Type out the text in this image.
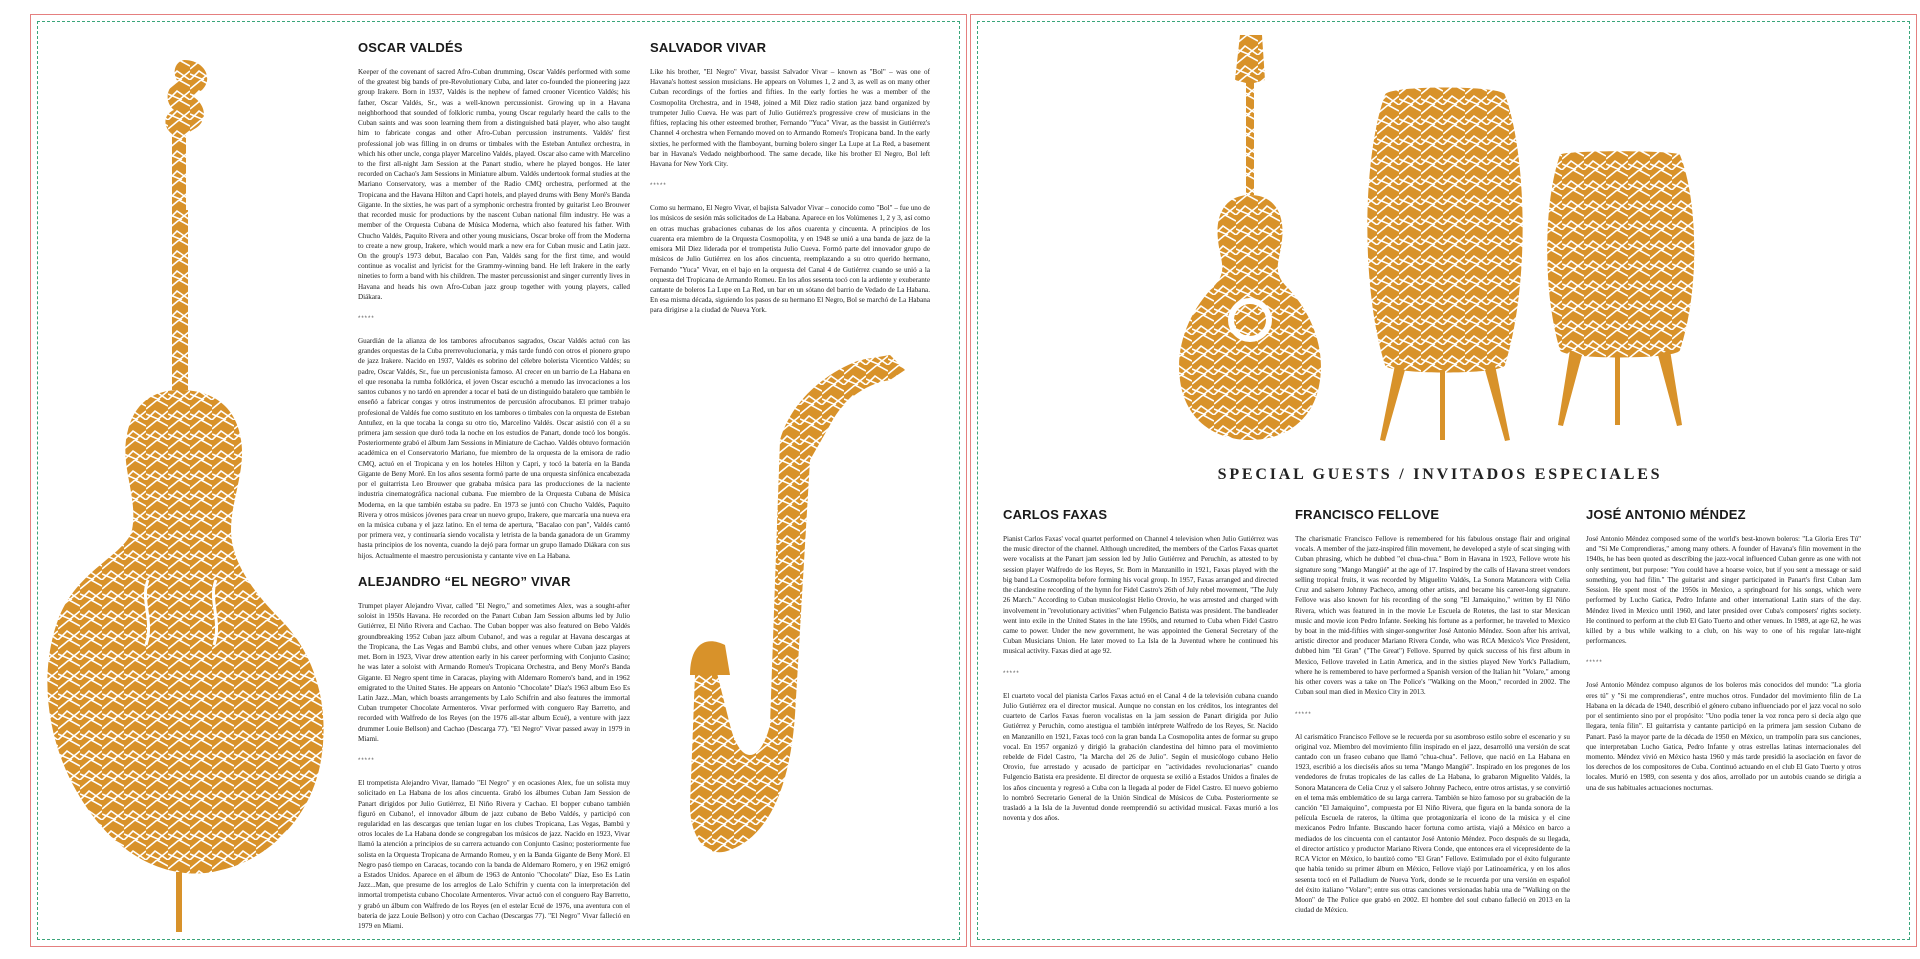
OSCAR VALDÉS

Keeper of the covenant of sacred Afro-Cuban drumming, Oscar Valdés performed with some of the greatest big bands of pre-Revolutionary Cuba, and later co-founded the pioneering jazz group Irakere. Born in 1937, Valdés is the nephew of famed crooner Vicentico Valdés; his father, Oscar Valdés, Sr., was a well-known percussionist. Growing up in a Havana neighborhood that sounded of folkloric rumba, young Oscar regularly heard the calls to the Cuban saints and was soon learning them from a distinguished batá player, who also taught him to fabricate congas and other Afro-Cuban percussion instruments. Valdés' first professional job was filling in on drums or timbales with the Esteban Antuñez orchestra, in which his other uncle, conga player Marcelino Valdés, played. Oscar also came with Marcelino to the first all-night Jam Session at the Panart studio, where he played bongos. He later recorded on Cachao's Jam Sessions in Miniature album. Valdés undertook formal studies at the Mariano Conservatory, was a member of the Radio CMQ orchestra, performed at the Tropicana and the Havana Hilton and Capri hotels, and played drums with Beny Moré's Banda Gigante. In the sixties, he was part of a symphonic orchestra fronted by guitarist Leo Brouwer that recorded music for productions by the nascent Cuban national film industry. He was a member of the Orquesta Cubana de Música Moderna, which also featured his father. With Chucho Valdés, Paquito Rivera and other young musicians, Oscar broke off from the Moderna to create a new group, Irakere, which would mark a new era for Cuban music and Latin jazz. On the group's 1973 debut, Bacalao con Pan, Valdés sang for the first time, and would continue as vocalist and lyricist for the Grammy-winning band. He left Irakere in the early nineties to form a band with his children. The master percussionist and singer currently lives in Havana and heads his own Afro-Cuban jazz group together with young players, called Diákara.

*****

Guardián de la alianza de los tambores afrocubanos sagrados, Oscar Valdés actuó con las grandes orquestas de la Cuba prerrevolucionaria, y más tarde fundó con otros el pionero grupo de jazz Irakere. Nacido en 1937, Valdés es sobrino del célebre bolerista Vicentico Valdés; su padre, Oscar Valdés, Sr., fue un percusionista famoso. Al crecer en un barrio de La Habana en el que resonaba la rumba folklórica, el joven Oscar escuchó a menudo las invocaciones a los santos cubanos y no tardó en aprender a tocar el batá de un distinguido batalero que también le enseñó a fabricar congas y otros instrumentos de percusión afrocubanos. El primer trabajo profesional de Valdés fue como sustituto en los tambores o timbales con la orquesta de Esteban Antuñez, en la que tocaba la conga su otro tío, Marcelino Valdés. Oscar asistió con él a su primera jam session que duró toda la noche en los estudios de Panart, donde tocó los bongós. Posteriormente grabó el álbum Jam Sessions in Miniature de Cachao. Valdés obtuvo formación académica en el Conservatorio Mariano, fue miembro de la orquesta de la emisora de radio CMQ, actuó en el Tropicana y en los hoteles Hilton y Capri, y tocó la batería en la Banda Gigante de Beny Moré. En los años sesenta formó parte de una orquesta sinfónica encabezada por el guitarrista Leo Brouwer que grababa música para las producciones de la naciente industria cinematográfica nacional cubana. Fue miembro de la Orquesta Cubana de Música Moderna, en la que también estaba su padre. En 1973 se juntó con Chucho Valdés, Paquito Rivera y otros músicos jóvenes para crear un nuevo grupo, Irakere, que marcaría una nueva era en la música cubana y el jazz latino. En el tema de apertura, "Bacalao con pan", Valdés cantó por primera vez, y continuaría siendo vocalista y letrista de la banda ganadora de un Grammy hasta principios de los noventa, cuando la dejó para formar un grupo llamado Diákara con sus hijos. Actualmente el maestro percusionista y cantante vive en La Habana.

ALEJANDRO “EL NEGRO” VIVAR

Trumpet player Alejandro Vivar, called "El Negro," and sometimes Alex, was a sought-after soloist in 1950s Havana. He recorded on the Panart Cuban Jam Session albums led by Julio Gutiérrez, El Niño Rivera and Cachao. The Cuban bopper was also featured on Bebo Valdés groundbreaking 1952 Cuban jazz album Cubano!, and was a regular at Havana descargas at the Tropicana, the Las Vegas and Bambú clubs, and other venues where Cuban jazz players met. Born in 1923, Vivar drew attention early in his career performing with Conjunto Casino; he was later a soloist with Armando Romeu's Tropicana Orchestra, and Beny Moré's Banda Gigante. El Negro spent time in Caracas, playing with Aldemaro Romero's band, and in 1962 emigrated to the United States. He appears on Antonio "Chocolate" Díaz's 1963 album Eso Es Latin Jazz...Man, which boasts arrangements by Lalo Schifrin and also features the immortal Cuban trumpeter Chocolate Armenteros. Vivar performed with conguero Ray Barretto, and recorded with Walfredo de los Reyes (on the 1976 all-star album Ecué), a venture with jazz drummer Louie Bellson) and Cachao (Descarga 77). "El Negro" Vivar passed away in 1979 in Miami.

*****

El trompetista Alejandro Vivar, llamado "El Negro" y en ocasiones Alex, fue un solista muy solicitado en La Habana de los años cincuenta. Grabó los álbumes Cuban Jam Session de Panart dirigidos por Julio Gutiérrez, El Niño Rivera y Cachao. El bopper cubano también figuró en Cubano!, el innovador álbum de jazz cubano de Bebo Valdés, y participó con regularidad en las descargas que tenían lugar en los clubes Tropicana, Las Vegas, Bambú y otros locales de La Habana donde se congregaban los músicos de jazz. Nacido en 1923, Vivar llamó la atención a principios de su carrera actuando con Conjunto Casino; posteriormente fue solista en la Orquesta Tropicana de Armando Romeu, y en la Banda Gigante de Beny Moré. El Negro pasó tiempo en Caracas, tocando con la banda de Aldemaro Romero, y en 1962 emigró a Estados Unidos. Aparece en el álbum de 1963 de Antonio "Chocolate" Díaz, Eso Es Latin Jazz...Man, que presume de los arreglos de Lalo Schifrin y cuenta con la interpretación del inmortal trompetista cubano Chocolate Armenteros. Vivar actuó con el conguero Ray Barretto, y grabó un álbum con Walfredo de los Reyes (en el estelar Ecué de 1976, una aventura con el batería de jazz Louie Bellson) y otro con Cachao (Descargas 77). "El Negro" Vivar falleció en 1979 en Miami.

SALVADOR VIVAR

Like his brother, "El Negro" Vivar, bassist Salvador Vivar – known as "Bol" – was one of Havana's hottest session musicians. He appears on Volumes 1, 2 and 3, as well as on many other Cuban recordings of the forties and fifties. In the early forties he was a member of the Cosmopolita Orchestra, and in 1948, joined a Mil Diez radio station jazz band organized by trumpeter Julio Cueva. He was part of Julio Gutiérrez's progressive crew of musicians in the fifties, replacing his other esteemed brother, Fernando "Yuca" Vivar, as the bassist in Gutiérrez's Channel 4 orchestra when Fernando moved on to Armando Romeu's Tropicana band. In the early sixties, he performed with the flamboyant, burning bolero singer La Lupe at La Red, a basement bar in Havana's Vedado neighborhood. The same decade, like his brother El Negro, Bol left Havana for New York City.

*****

Como su hermano, El Negro Vivar, el bajista Salvador Vivar – conocido como "Bol" – fue uno de los músicos de sesión más solicitados de La Habana. Aparece en los Volúmenes 1, 2 y 3, así como en otras muchas grabaciones cubanas de los años cuarenta y cincuenta. A principios de los cuarenta era miembro de la Orquesta Cosmopolita, y en 1948 se unió a una banda de jazz de la emisora Mil Diez liderada por el trompetista Julio Cueva. Formó parte del innovador grupo de músicos de Julio Gutiérrez en los años cincuenta, reemplazando a su otro querido hermano, Fernando "Yuca" Vivar, en el bajo en la orquesta del Canal 4 de Gutiérrez cuando se unió a la orquesta del Tropicana de Armando Romeu. En los años sesenta tocó con la ardiente y exuberante cantante de boleros La Lupe en La Red, un bar en un sótano del barrio de Vedado de La Habana. En esa misma década, siguiendo los pasos de su hermano El Negro, Bol se marchó de La Habana para dirigirse a la ciudad de Nueva York.

SPECIAL GUESTS / INVITADOS ESPECIALES
CARLOS FAXAS

Pianist Carlos Faxas' vocal quartet performed on Channel 4 television when Julio Gutiérrez was the music director of the channel. Although uncredited, the members of the Carlos Faxas quartet were vocalists at the Panart jam session led by Julio Gutiérrez and Peruchín, as attested to by session player Walfredo de los Reyes, Sr. Born in Manzanillo in 1921, Faxas played with the big band La Cosmopolita before forming his vocal group. In 1957, Faxas arranged and directed the clandestine recording of the hymn for Fidel Castro's 26th of July rebel movement, "The July 26 March." According to Cuban musicologist Helio Orovio, he was arrested and charged with involvement in "revolutionary activities" when Fulgencio Batista was president. The bandleader went into exile in the United States in the late 1950s, and returned to Cuba when Fidel Castro came to power. Under the new government, he was appointed the General Secretary of the Cuban Musicians Union. He later moved to La Isla de la Juventud where he continued his musical activity. Faxas died at age 92.

*****

El cuarteto vocal del pianista Carlos Faxas actuó en el Canal 4 de la televisión cubana cuando Julio Gutiérrez era el director musical. Aunque no constan en los créditos, los integrantes del cuarteto de Carlos Faxas fueron vocalistas en la jam session de Panart dirigida por Julio Gutiérrez y Peruchín, como atestigua el también intérprete Walfredo de los Reyes, Sr. Nacido en Manzanillo en 1921, Faxas tocó con la gran banda La Cosmopolita antes de formar su grupo vocal. En 1957 organizó y dirigió la grabación clandestina del himno para el movimiento rebelde de Fidel Castro, "la Marcha del 26 de Julio". Según el musicólogo cubano Helio Orovio, fue arrestado y acusado de participar en "actividades revolucionarias" cuando Fulgencio Batista era presidente. El director de orquesta se exilió a Estados Unidos a finales de los años cincuenta y regresó a Cuba con la llegada al poder de Fidel Castro. El nuevo gobierno lo nombró Secretario General de la Unión Sindical de Músicos de Cuba. Posteriormente se trasladó a la Isla de la Juventud donde reemprendió su actividad musical. Faxas murió a los noventa y dos años.

FRANCISCO FELLOVE

The charismatic Francisco Fellove is remembered for his fabulous onstage flair and original vocals. A member of the jazz-inspired filin movement, he developed a style of scat singing with Cuban phrasing, which he dubbed "el chua-chua." Born in Havana in 1923, Fellove wrote his signature song "Mango Mangüé" at the age of 17. Inspired by the calls of Havana street vendors selling tropical fruits, it was recorded by Miguelito Valdés, La Sonora Matancera with Celia Cruz and salsero Johnny Pacheco, among other artists, and became his career-long signature. Fellove was also known for his recording of the song "El Jamaiquino," written by El Niño Rivera, which was featured in in the movie Le Escuela de Rotetes, the last to star Mexican music and movie icon Pedro Infante. Seeking his fortune as a performer, he traveled to Mexico by boat in the mid-fifties with singer-songwriter José Antonio Méndez. Soon after his arrival, artistic director and producer Mariano Rivera Conde, who was RCA Mexico's Vice President, dubbed him "El Gran" ("The Great") Fellove. Spurred by quick success of his first album in Mexico, Fellove traveled in Latin America, and in the sixties played New York's Palladium, where he is remembered to have performed a Spanish version of the Italian hit "Volare," among his other covers was a take on The Police's "Walking on the Moon," recorded in 2002. The Cuban soul man died in Mexico City in 2013.

*****

Al carismático Francisco Fellove se le recuerda por su asombroso estilo sobre el escenario y su original voz. Miembro del movimiento filin inspirado en el jazz, desarrolló una versión de scat cantado con un fraseo cubano que llamó "chua-chua". Fellove, que nació en La Habana en 1923, escribió a los dieciséis años su tema "Mango Mangüé". Inspirado en los pregones de los vendedores de frutas tropicales de las calles de La Habana, lo grabaron Miguelito Valdés, la Sonora Matancera de Celia Cruz y el salsero Johnny Pacheco, entre otros artistas, y se convirtió en el tema más emblemático de su larga carrera. También se hizo famoso por su grabación de la canción "El Jamaiquino", compuesta por El Niño Rivera, que figura en la banda sonora de la película Escuela de rateros, la última que protagonizaría el icono de la música y el cine mexicanos Pedro Infante. Buscando hacer fortuna como artista, viajó a México en barco a mediados de los cincuenta con el cantautor José Antonio Méndez. Poco después de su llegada, el director artístico y productor Mariano Rivera Conde, que entonces era el vicepresidente de la RCA Víctor en México, lo bautizó como "El Gran" Fellove. Estimulado por el éxito fulgurante que había tenido su primer álbum en México, Fellove viajó por Latinoamérica, y en los años sesenta tocó en el Palladium de Nueva York, donde se le recuerda por una versión en español del éxito italiano "Volare"; entre sus otras canciones versionadas había una de "Walking on the Moon" de The Police que grabó en 2002. El hombre del soul cubano falleció en 2013 en la ciudad de México.

JOSÉ ANTONIO MÉNDEZ

José Antonio Méndez composed some of the world's best-known boleros: "La Gloria Eres Tú" and "Si Me Comprendieras," among many others. A founder of Havana's filin movement in the 1940s, he has been quoted as describing the jazz-vocal influenced Cuban genre as one with not only sentiment, but purpose: "You could have a hoarse voice, but if you sent a message or said something, you had filin." The guitarist and singer participated in Panart's first Cuban Jam Session. He spent most of the 1950s in Mexico, a springboard for his songs, which were performed by Lucho Gatica, Pedro Infante and other international Latin stars of the day. Méndez lived in Mexico until 1960, and later presided over Cuba's composers' rights society. He continued to perform at the club El Gato Tuerto and other venues. In 1989, at age 62, he was killed by a bus while walking to a club, on his way to one of his regular late-night performances.

*****

José Antonio Méndez compuso algunos de los boleros más conocidos del mundo: "La gloria eres tú" y "Si me comprendieras", entre muchos otros. Fundador del movimiento filin de La Habana en la década de 1940, describió el género cubano influenciado por el jazz vocal no solo por el sentimiento sino por el propósito: "Uno podía tener la voz ronca pero si decía algo que llegara, tenía filin". El guitarrista y cantante participó en la primera jam session Cubano de Panart. Pasó la mayor parte de la década de 1950 en México, un trampolín para sus canciones, que interpretaban Lucho Gatica, Pedro Infante y otras estrellas latinas internacionales del momento. Méndez vivió en México hasta 1960 y más tarde presidió la asociación en favor de los derechos de los compositores de Cuba. Continuó actuando en el club El Gato Tuerto y otros locales. Murió en 1989, con sesenta y dos años, arrollado por un autobús cuando se dirigía a una de sus habituales actuaciones nocturnas.
